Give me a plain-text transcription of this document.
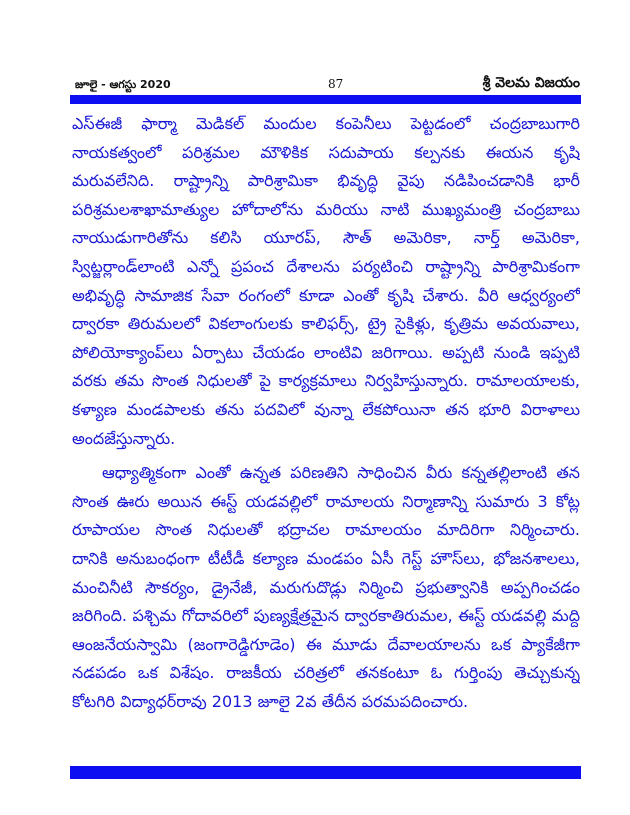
జూలై - ఆగస్టు 2020	87	శ్రీ వెలమ విజయం
ఎస్ఈజీ ఫార్మా మెడికల్ మందుల కంపెనీలు పెట్టడంలో చంద్రబాబుగారి
నాయకత్వంలో పరిశ్రమల మౌళికిక సదుపాయ కల్పనకు ఈయన కృషి
మరువలేనిది. రాష్ట్రాన్ని పారిశ్రామికా భివృద్ధి వైపు నడిపించడానికి భారీ
పరిశ్రమలశాఖామాత్యుల హోదాలోను మరియు నాటి ముఖ్యమంత్రి చంద్రబాబు
నాయుడుగారితోను కలిసి యూరప్, సౌత్ అమెరికా, నార్త్ అమెరికా,
స్విట్జర్లాండ్‌లాంటి ఎన్నో ప్రపంచ దేశాలను పర్యటించి రాష్ట్రాన్ని పారిశ్రామికంగా
అభివృద్ధి సామాజిక సేవా రంగంలో కూడా ఎంతో కృషి చేశారు. వీరి ఆధ్వర్యంలో
ద్వారకా తిరుమలలో వికలాంగులకు కాలిఫర్స్, ట్రై సైకిళ్లు, కృత్రిమ అవయవాలు,
పోలియోక్యాంప్‌లు ఏర్పాటు చేయడం లాంటివి జరిగాయి. అప్పటి నుండి ఇప్పటి
వరకు తమ సొంత నిధులతో పై కార్యక్రమాలు నిర్వహిస్తున్నారు. రామాలయాలకు,
కళ్యాణ మండపాలకు తను పదవిలో వున్నా లేకపోయినా తన భూరి విరాళాలు
అందజేస్తున్నారు.
ఆధ్యాత్మికంగా ఎంతో ఉన్నత పరిణతిని సాధించిన వీరు కన్నతల్లిలాంటి తన
సొంత ఊరు అయిన ఈస్ట్ యడవల్లిలో రామాలయ నిర్మాణాన్ని సుమారు 3 కోట్ల
రూపాయల సొంత నిధులతో భద్రాచల రామాలయం మాదిరిగా నిర్మించారు.
దానికి అనుబంధంగా టీటీడీ కల్యాణ మండపం ఏసీ గెస్ట్ హౌస్‌లు, భోజనశాలలు,
మంచినీటి సౌకర్యం, డ్రైనేజీ, మరుగుదొడ్లు నిర్మించి ప్రభుత్వానికి అప్పగించడం
జరిగింది. పశ్చిమ గోదావరిలో పుణ్యక్షేత్రమైన ద్వారకాతిరుమల, ఈస్ట్ యడవల్లి మద్ది
ఆంజనేయస్వామి (జంగారెడ్డిగూడెం) ఈ మూడు దేవాలయాలను ఒక ప్యాకేజీగా
నడపడం ఒక విశేషం. రాజకీయ చరిత్రలో తనకంటూ ఓ గుర్తింపు తెచ్చుకున్న
కోటగిరి విద్యాధర్‌రావు 2013 జూలై 2వ తేదీన పరమపదించారు.
